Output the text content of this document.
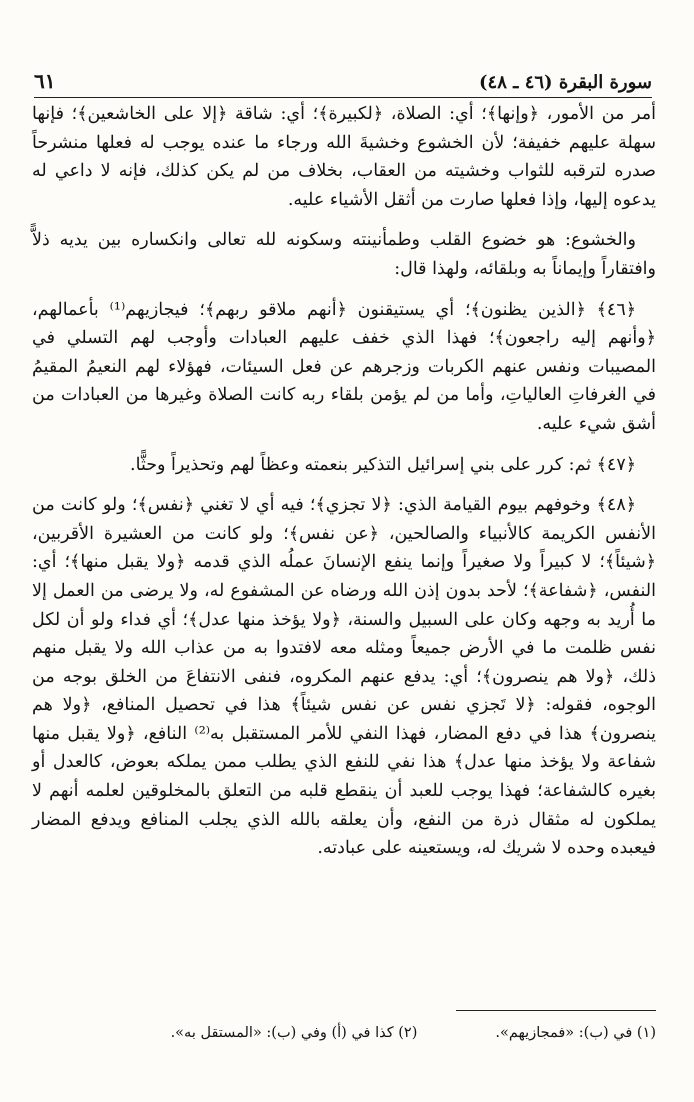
سورة البقرة (٤٦ ـ ٤٨)
٦١

أمر من الأمور، ﴿وإنها﴾؛ أي: الصلاة، ﴿لكبيرة﴾؛ أي: شاقة ﴿إلا على الخاشعين﴾؛ فإنها سهلة عليهم خفيفة؛ لأن الخشوع وخشيةَ الله ورجاء ما عنده يوجب له فعلها منشرحاً صدره لترقبه للثواب وخشيته من العقاب، بخلاف من لم يكن كذلك، فإنه لا داعي له يدعوه إليها، وإذا فعلها صارت من أثقل الأشياء عليه.

والخشوع: هو خضوع القلب وطمأنينته وسكونه لله تعالى وانكساره بين يديه ذلاًّ وافتقاراً وإيماناً به وبلقائه، ولهذا قال:

﴿٤٦﴾ ﴿الذين يظنون﴾؛ أي يستيقنون ﴿أنهم ملاقو ربهم﴾؛ فيجازيهم⁽¹⁾ بأعمالهم، ﴿وأنهم إليه راجعون﴾؛ فهذا الذي خفف عليهم العبادات وأوجب لهم التسلي في المصيبات ونفس عنهم الكربات وزجرهم عن فعل السيئات، فهؤلاء لهم النعيمُ المقيمُ في الغرفاتِ العالياتِ، وأما من لم يؤمن بلقاء ربه كانت الصلاة وغيرها من العبادات من أشق شيء عليه.

﴿٤٧﴾ ثم: كرر على بني إسرائيل التذكير بنعمته وعظاً لهم وتحذيراً وحثًّا.

﴿٤٨﴾ وخوفهم بيوم القيامة الذي: ﴿لا تجزي﴾؛ فيه أي لا تغني ﴿نفس﴾؛ ولو كانت من الأنفس الكريمة كالأنبياء والصالحين، ﴿عن نفس﴾؛ ولو كانت من العشيرة الأقربين، ﴿شيئاً﴾؛ لا كبيراً ولا صغيراً وإنما ينفع الإنسانَ عملُه الذي قدمه ﴿ولا يقبل منها﴾؛ أي: النفس، ﴿شفاعة﴾؛ لأحد بدون إذن الله ورضاه عن المشفوع له، ولا يرضى من العمل إلا ما أُريد به وجهه وكان على السبيل والسنة، ﴿ولا يؤخذ منها عدل﴾؛ أي فداء ولو أن لكل نفس ظلمت ما في الأرض جميعاً ومثله معه لافتدوا به من عذاب الله ولا يقبل منهم ذلك، ﴿ولا هم ينصرون﴾؛ أي: يدفع عنهم المكروه، فنفى الانتفاعَ من الخلق بوجه من الوجوه، فقوله: ﴿لا تَجزي نفس عن نفس شيئاً﴾ هذا في تحصيل المنافع، ﴿ولا هم ينصرون﴾ هذا في دفع المضار، فهذا النفي للأمر المستقبل به⁽²⁾ النافع، ﴿ولا يقبل منها شفاعة ولا يؤخذ منها عدل﴾ هذا نفي للنفع الذي يطلب ممن يملكه بعوض، كالعدل أو بغيره كالشفاعة؛ فهذا يوجب للعبد أن ينقطع قلبه من التعلق بالمخلوقين لعلمه أنهم لا يملكون له مثقال ذرة من النفع، وأن يعلقه بالله الذي يجلب المنافع ويدفع المضار فيعبده وحده لا شريك له، ويستعينه على عبادته.

(١) في (ب): «فمجازيهم».
(٢) كذا في (أ) وفي (ب): «المستقل به».
